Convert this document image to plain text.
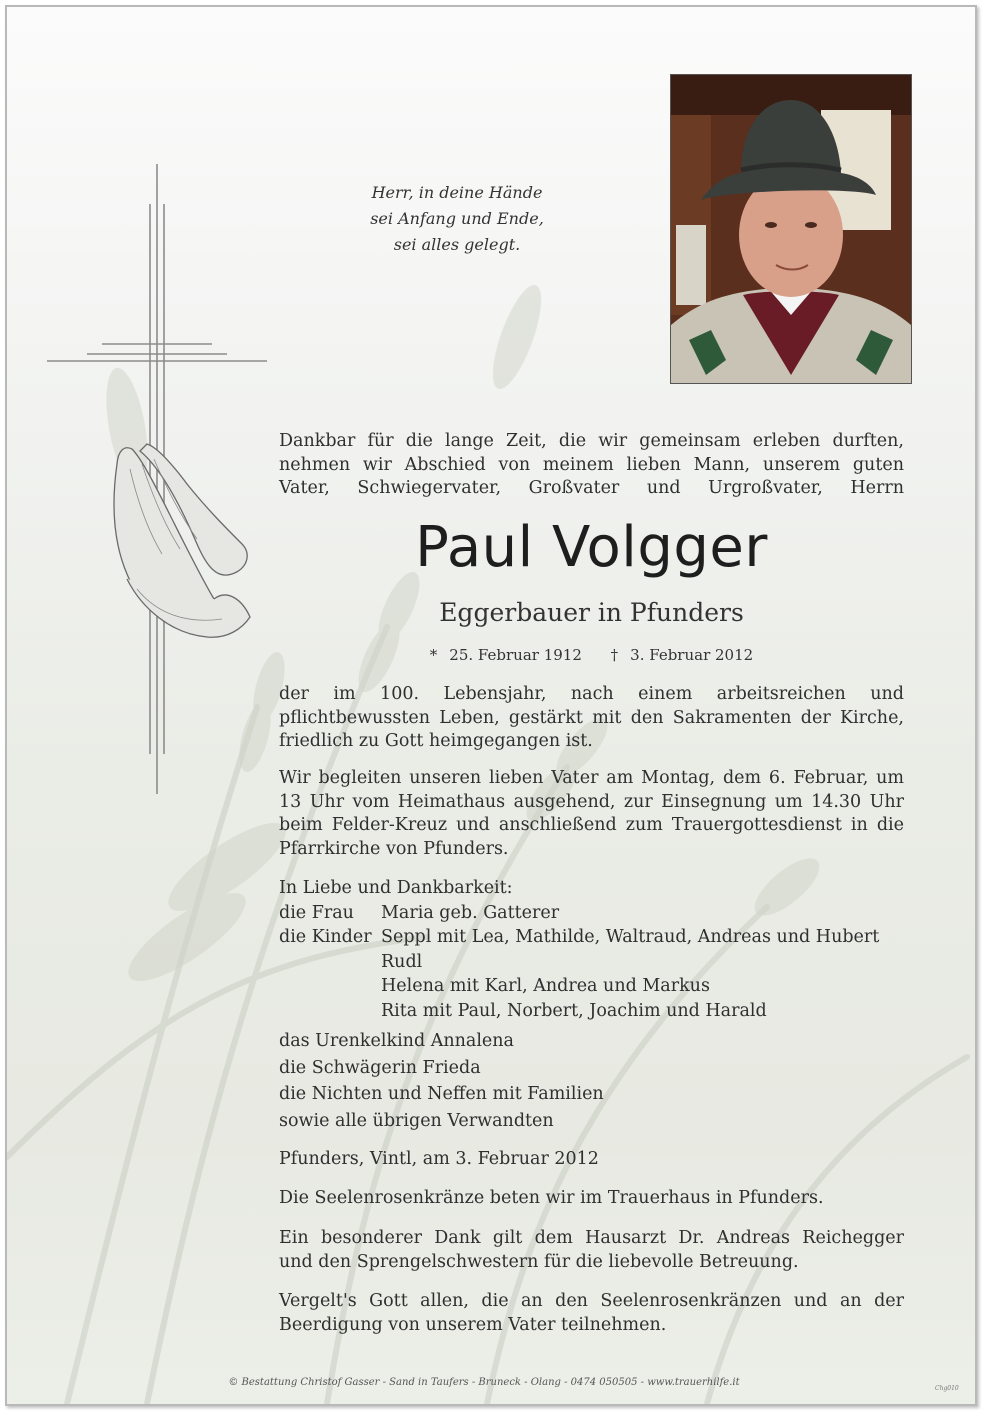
Herr, in deine Hände
sei Anfang und Ende,
sei alles gelegt.
Dankbar für die lange Zeit, die wir gemeinsam erleben durften,
nehmen wir Abschied von meinem lieben Mann, unserem guten
Vater, Schwiegervater, Großvater und Urgroßvater, Herrn
Paul Volgger
Eggerbauer in Pfunders
* 25. Februar 1912 † 3. Februar 2012
der im 100. Lebensjahr, nach einem arbeitsreichen und
pflichtbewussten Leben, gestärkt mit den Sakramenten der Kirche,
friedlich zu Gott heimgegangen ist.
Wir begleiten unseren lieben Vater am Montag, dem 6. Februar, um
13 Uhr vom Heimathaus ausgehend, zur Einsegnung um 14.30 Uhr
beim Felder-Kreuz und anschließend zum Trauergottesdienst in die
Pfarrkirche von Pfunders.
In Liebe und Dankbarkeit:
die Frau Maria geb. Gatterer
die Kinder Seppl mit Lea, Mathilde, Waltraud, Andreas und Hubert
Rudl
Helena mit Karl, Andrea und Markus
Rita mit Paul, Norbert, Joachim und Harald
das Urenkelkind Annalena
die Schwägerin Frieda
die Nichten und Neffen mit Familien
sowie alle übrigen Verwandten
Pfunders, Vintl, am 3. Februar 2012
Die Seelenrosenkränze beten wir im Trauerhaus in Pfunders.
Ein besonderer Dank gilt dem Hausarzt Dr. Andreas Reichegger
und den Sprengelschwestern für die liebevolle Betreuung.
Vergelt's Gott allen, die an den Seelenrosenkränzen und an der
Beerdigung von unserem Vater teilnehmen.
© Bestattung Christof Gasser - Sand in Taufers - Bruneck - Olang - 0474 050505 - www.trauerhilfe.it
Chg010
